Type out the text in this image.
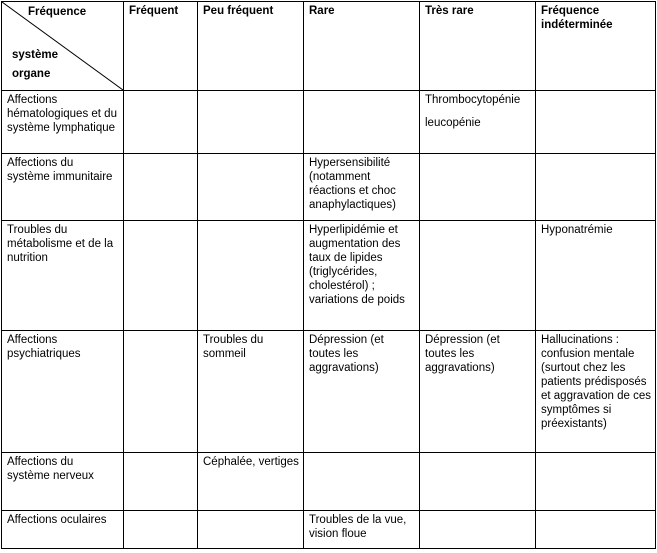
Fréquence
système
organe	Fréquent	Peu fréquent	Rare	Très rare	Fréquence indéterminée
Affections hématologiques et du système lymphatique				Thrombocytopénie
leucopénie	
Affections du système immunitaire			Hypersensibilité (notamment réactions et choc anaphylactiques)		
Troubles du métabolisme et de la nutrition			Hyperlipidémie et augmentation des taux de lipides (triglycérides, cholestérol) ; variations de poids		Hyponatrémie
Affections psychiatriques		Troubles du sommeil	Dépression (et toutes les aggravations)	Dépression (et toutes les aggravations)	Hallucinations : confusion mentale (surtout chez les patients prédisposés et aggravation de ces symptômes si préexistants)
Affections du système nerveux		Céphalée, vertiges			
Affections oculaires			Troubles de la vue, vision floue		
